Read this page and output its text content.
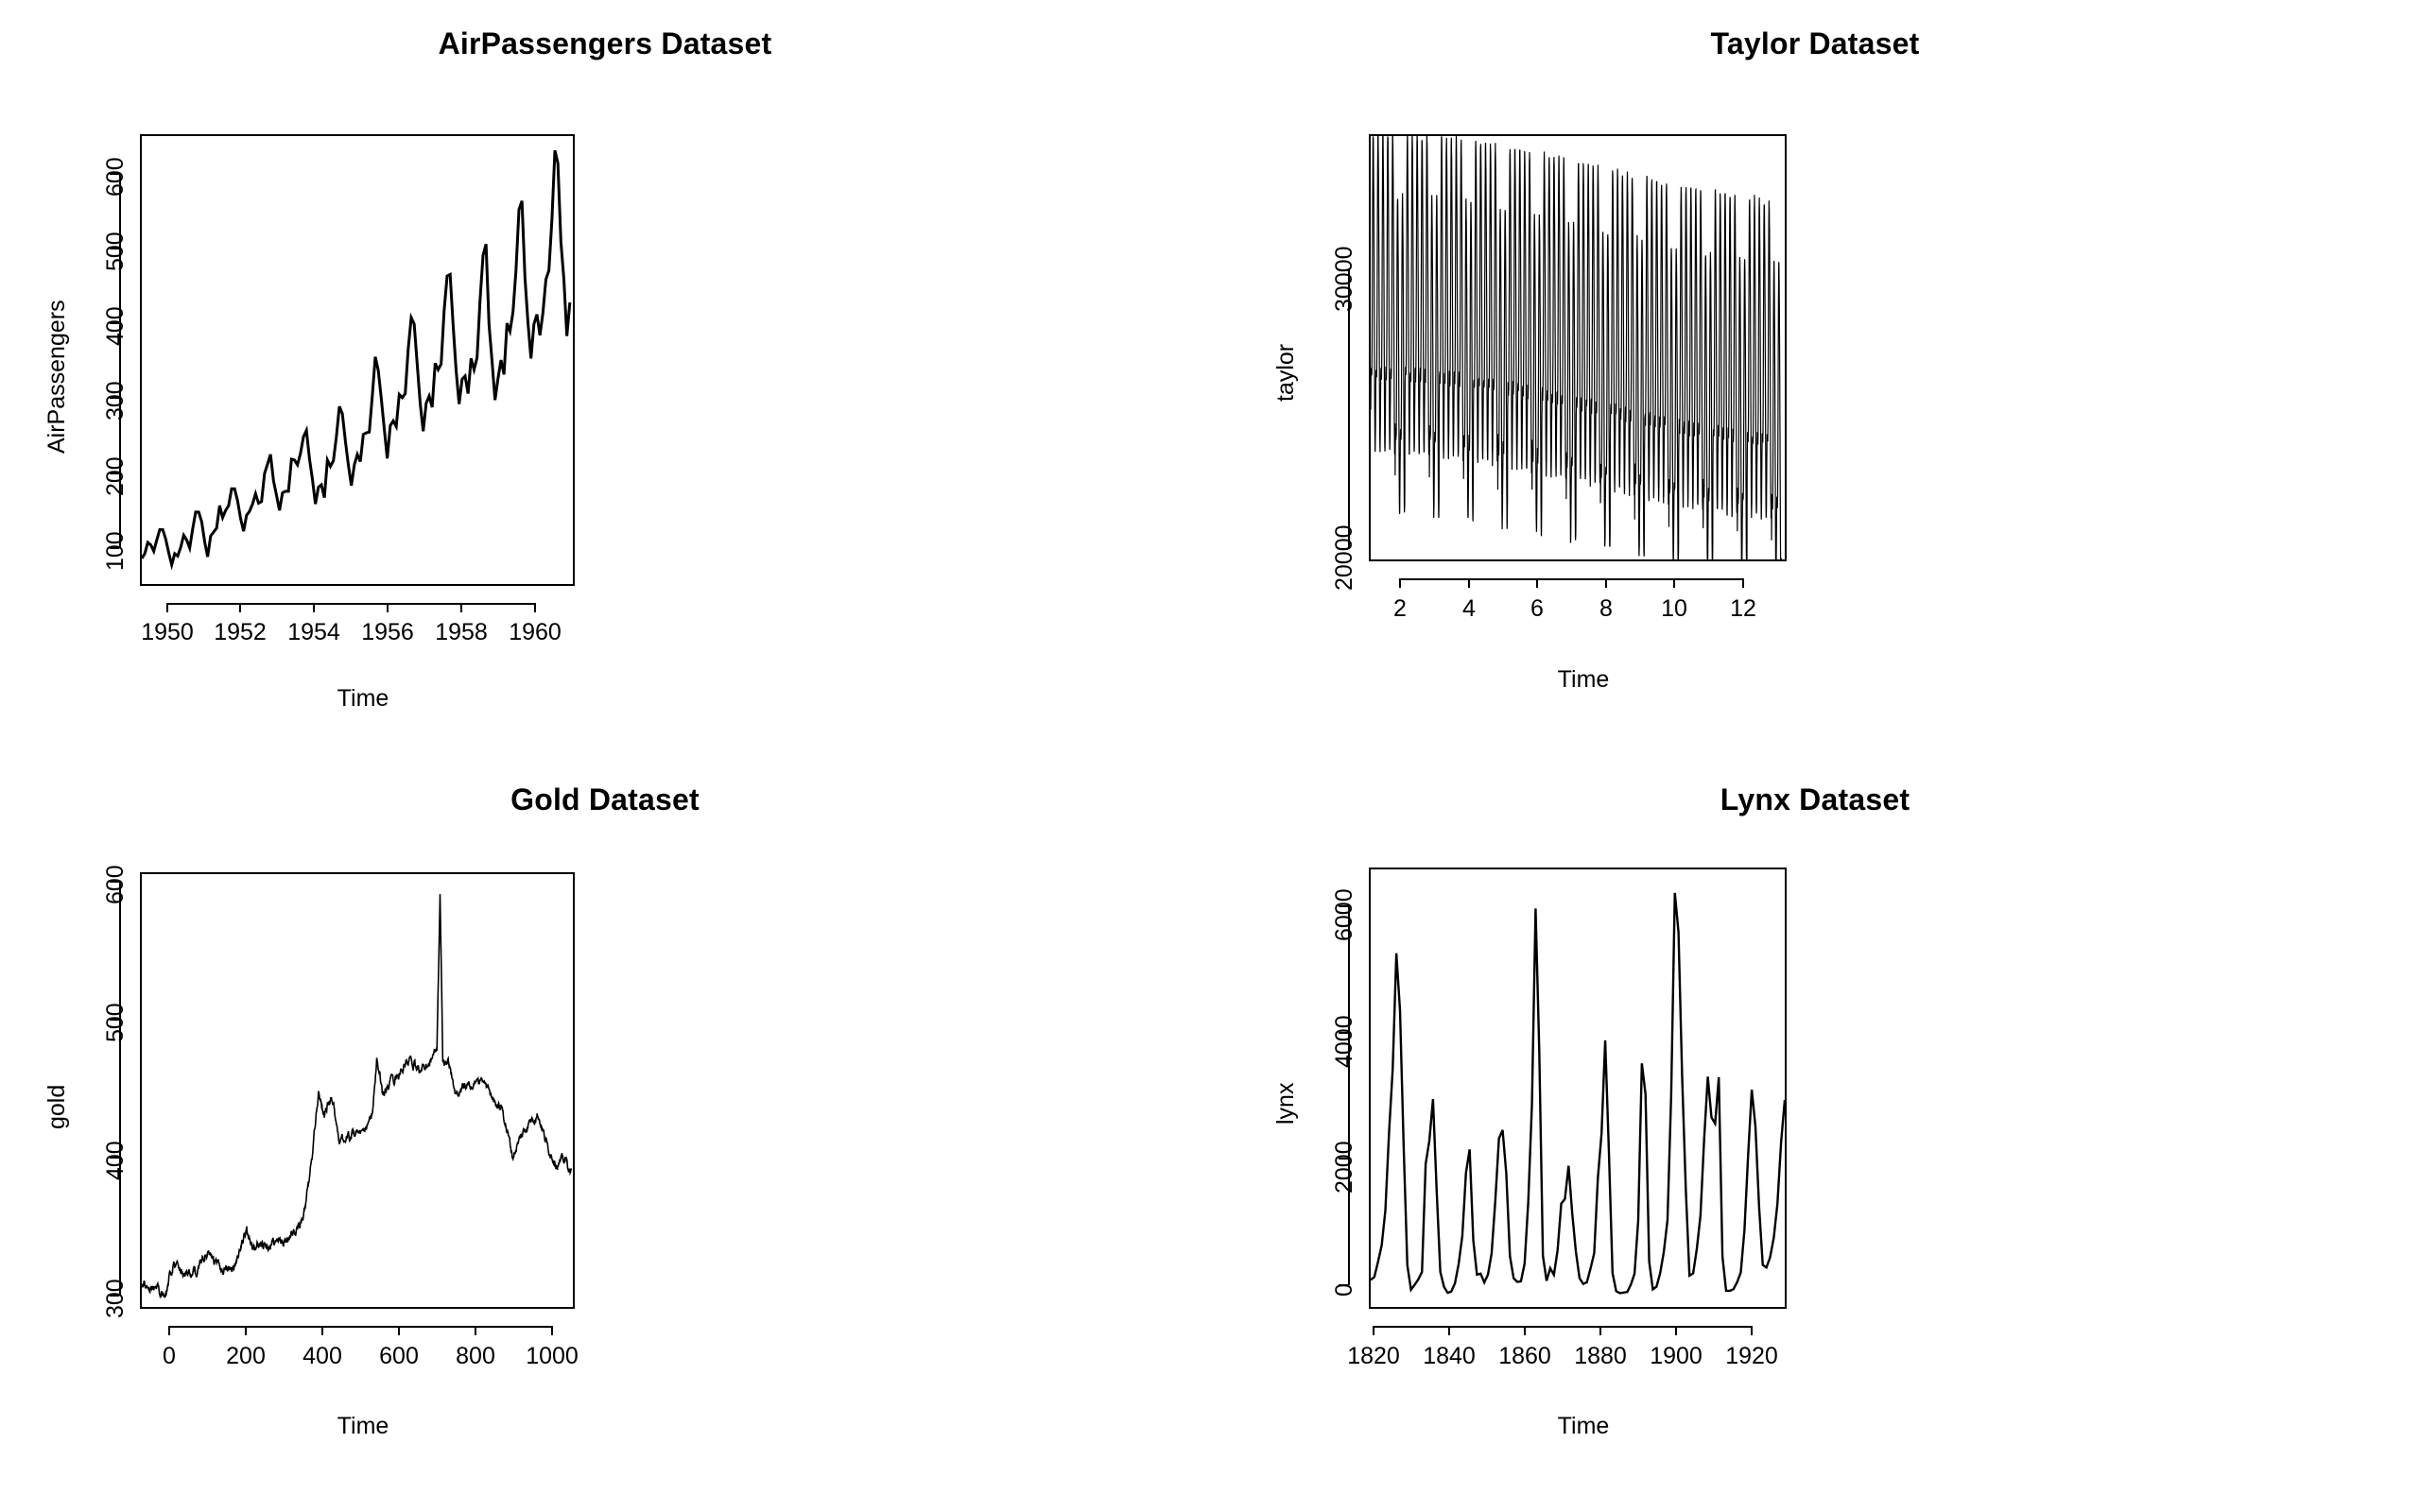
AirPassengers Dataset
100
200
300
400
500
600
AirPassengers
1950 1952 1954 1956 1958 1960
Time
Taylor Dataset
20000
30000
taylor
2 4 6 8 10 12
Time
Gold Dataset
300
400
500
600
gold
0 200 400 600 800 1000
Time
Lynx Dataset
0
2000
4000
6000
lynx
1820 1840 1860 1880 1900 1920
Time
